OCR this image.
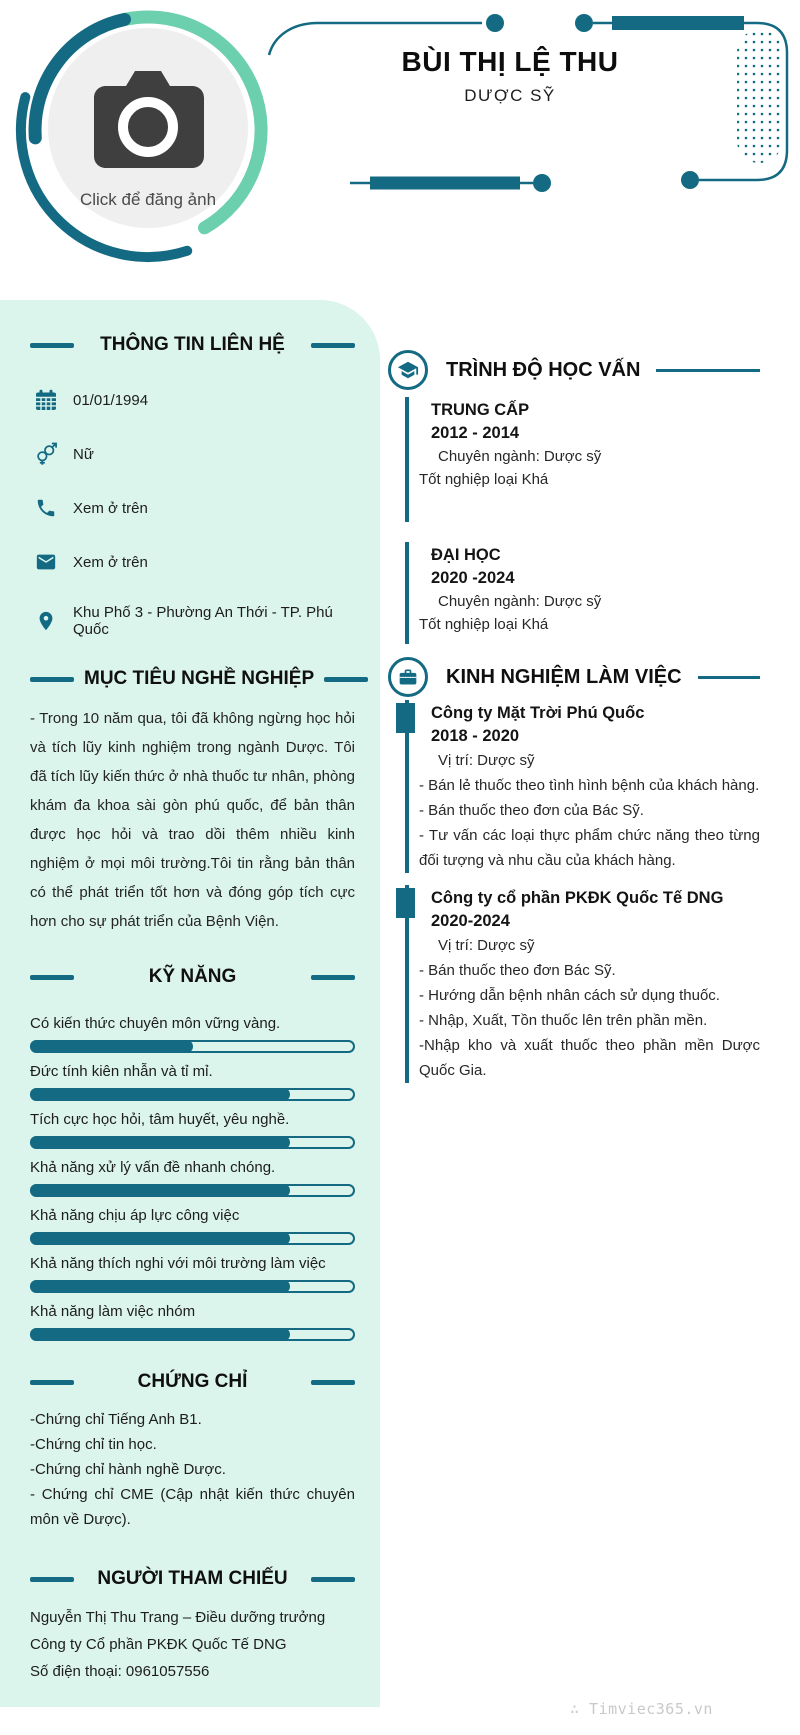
Click để đăng ảnh
BÙI THỊ LỆ THU
DƯỢC SỸ
THÔNG TIN LIÊN HỆ
01/01/1994
Nữ
Xem ở trên
Xem ở trên
Khu Phố 3 - Phường An Thới - TP. Phú Quốc
MỤC TIÊU NGHỀ NGHIỆP
- Trong 10 năm qua, tôi đã không ngừng học hỏi và tích lũy kinh nghiệm trong ngành Dược. Tôi đã tích lũy kiến thức ở nhà thuốc tư nhân, phòng khám đa khoa sài gòn phú quốc, để bản thân được học hỏi và trao dồi thêm nhiều kinh nghiệm ở mọi môi trường.Tôi tin rằng bản thân có thể phát triển tốt hơn và đóng góp tích cực hơn cho sự phát triển của Bệnh Viện.
KỸ NĂNG
Có kiến thức chuyên môn vững vàng.
Đức tính kiên nhẫn và tỉ mỉ.
Tích cực học hỏi, tâm huyết, yêu nghề.
Khả năng xử lý vấn đề nhanh chóng.
Khả năng chịu áp lực công việc
Khả năng thích nghi với môi trường làm việc
Khả năng làm việc nhóm
CHỨNG CHỈ

-Chứng chỉ Tiếng Anh B1.

-Chứng chỉ tin học.

-Chứng chỉ hành nghề Dược.

- Chứng chỉ CME (Cập nhật kiến thức chuyên môn về Dược).

NGƯỜI THAM CHIẾU

Nguyễn Thị Thu Trang – Điều dưỡng trưởng

Công ty Cổ phần PKĐK Quốc Tế DNG

Số điện thoại: 0961057556

TRÌNH ĐỘ HỌC VẤN
TRUNG CẤP
2012 - 2014
Chuyên ngành: Dược sỹ
Tốt nghiệp loại Khá
ĐẠI HỌC
2020 -2024
Chuyên ngành: Dược sỹ
Tốt nghiệp loại Khá
KINH NGHIỆM LÀM VIỆC
Công ty Mặt Trời Phú Quốc
2018 - 2020
Vị trí: Dược sỹ

- Bán lẻ thuốc theo tình hình bệnh của khách hàng.

- Bán thuốc theo đơn của Bác Sỹ.

- Tư vấn các loại thực phẩm chức năng theo từng đối tượng và nhu cầu của khách hàng.

Công ty cổ phần PKĐK Quốc Tế DNG
2020-2024
Vị trí: Dược sỹ

- Bán thuốc theo đơn Bác Sỹ.

- Hướng dẫn bệnh nhân cách sử dụng thuốc.

- Nhập, Xuất, Tồn thuốc lên trên phần mền.

-Nhập kho và xuất thuốc theo phần mền Dược Quốc Gia.

∴ Timviec365.vn
